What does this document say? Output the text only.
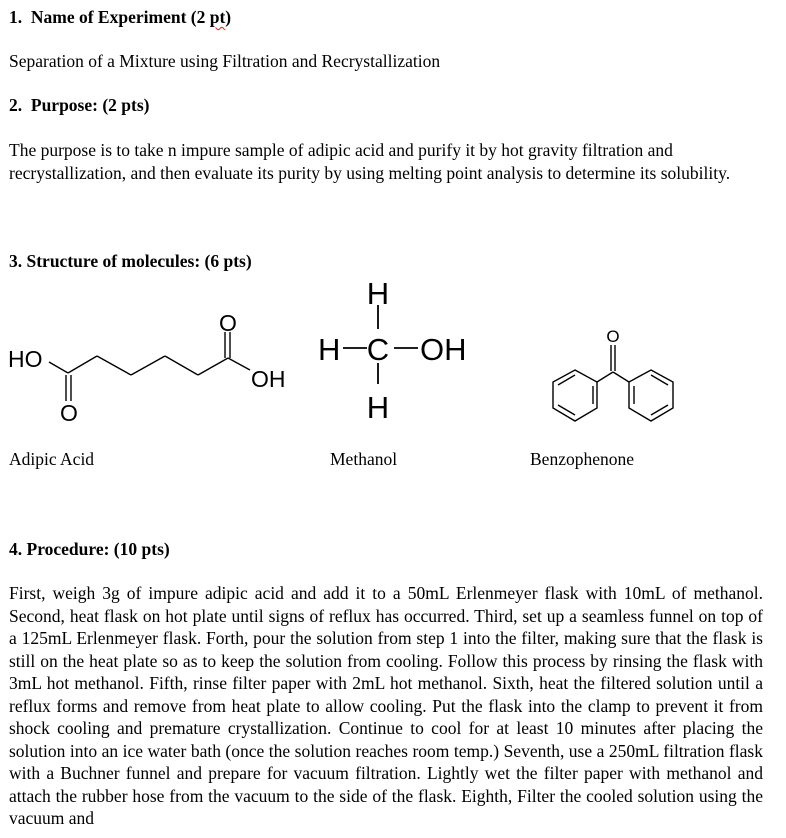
1. Name of Experiment (2 pt)
Separation of a Mixture using Filtration and Recrystallization
2.  Purpose: (2 pts)
The purpose is to take n impure sample of adipic acid and purify it by hot gravity filtration and recrystallization, and then evaluate its purity by using melting point analysis to determine its solubility.
3. Structure of molecules: (6 pts)
HO
OH
O
O
H
H C OH
H
O
Adipic Acid	Methanol	Benzophenone
4. Procedure: (10 pts)
First, weigh 3g of impure adipic acid and add it to a 50mL Erlenmeyer flask with 10mL of methanol. Second, heat flask on hot plate until signs of reflux has occurred. Third, set up a seamless funnel on top of a 125mL Erlenmeyer flask. Forth, pour the solution from step 1 into the filter, making sure that the flask is still on the heat plate so as to keep the solution from cooling. Follow this process by rinsing the flask with 3mL hot methanol. Fifth, rinse filter paper with 2mL hot methanol. Sixth, heat the filtered solution until a reflux forms and remove from heat plate to allow cooling. Put the flask into the clamp to prevent it from shock cooling and premature crystallization. Continue to cool for at least 10 minutes after placing the solution into an ice water bath (once the solution reaches room temp.) Seventh, use a 250mL filtration flask with a Buchner funnel and prepare for vacuum filtration. Lightly wet the filter paper with methanol and attach the rubber hose from the vacuum to the side of the flask. Eighth, Filter the cooled solution using the vacuum and
